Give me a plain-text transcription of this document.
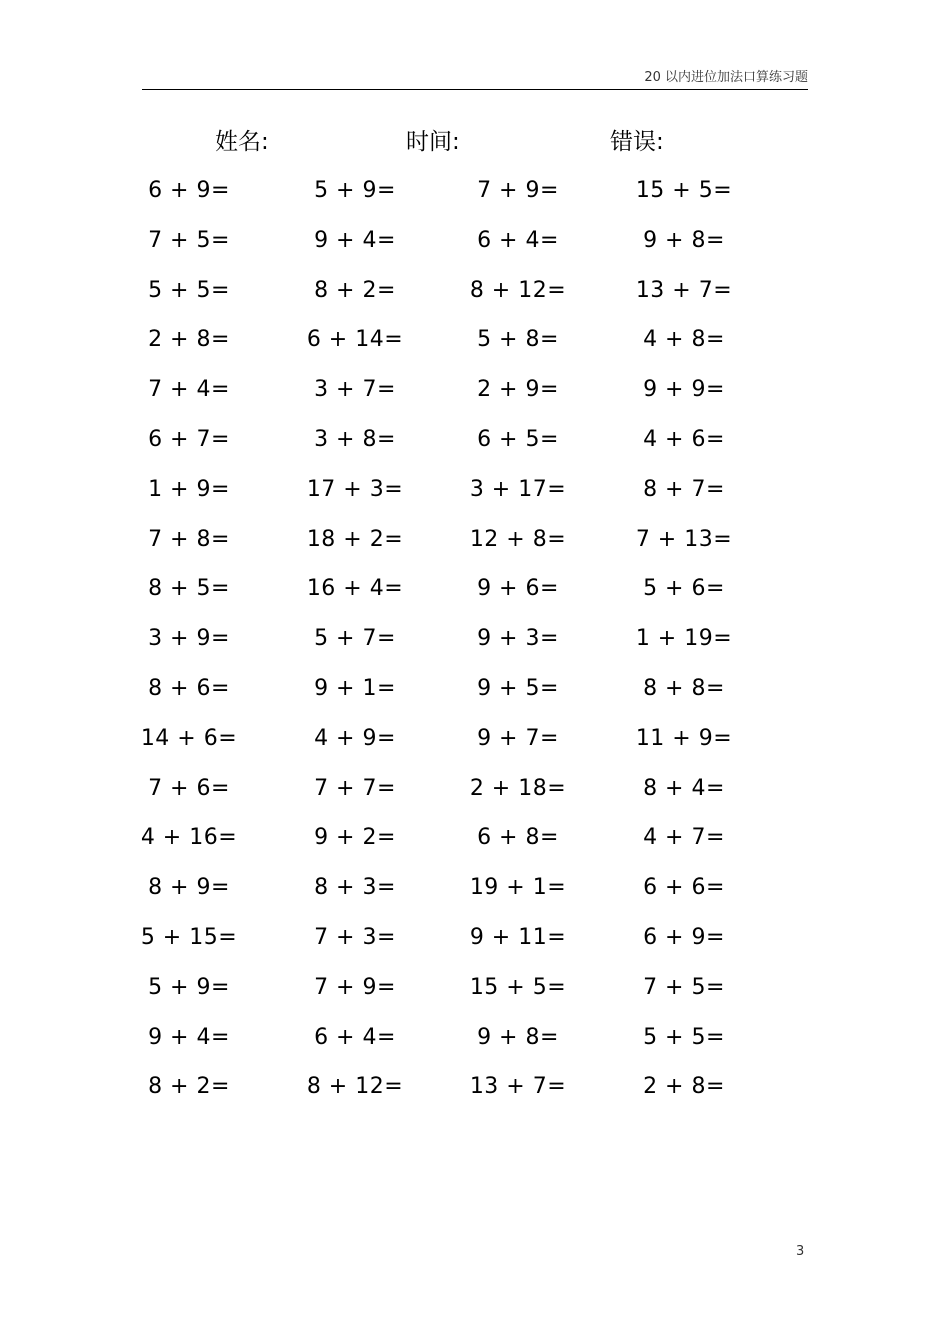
20 以内进位加法口算练习题
姓名:	时间:	错误:
6 + 9=	5 + 9=	7 + 9=	15 + 5=
7 + 5=	9 + 4=	6 + 4=	9 + 8=
5 + 5=	8 + 2=	8 + 12=	13 + 7=
2 + 8=	6 + 14=	5 + 8=	4 + 8=
7 + 4=	3 + 7=	2 + 9=	9 + 9=
6 + 7=	3 + 8=	6 + 5=	4 + 6=
1 + 9=	17 + 3=	3 + 17=	8 + 7=
7 + 8=	18 + 2=	12 + 8=	7 + 13=
8 + 5=	16 + 4=	9 + 6=	5 + 6=
3 + 9=	5 + 7=	9 + 3=	1 + 19=
8 + 6=	9 + 1=	9 + 5=	8 + 8=
14 + 6=	4 + 9=	9 + 7=	11 + 9=
7 + 6=	7 + 7=	2 + 18=	8 + 4=
4 + 16=	9 + 2=	6 + 8=	4 + 7=
8 + 9=	8 + 3=	19 + 1=	6 + 6=
5 + 15=	7 + 3=	9 + 11=	6 + 9=
5 + 9=	7 + 9=	15 + 5=	7 + 5=
9 + 4=	6 + 4=	9 + 8=	5 + 5=
8 + 2=	8 + 12=	13 + 7=	2 + 8=
3
